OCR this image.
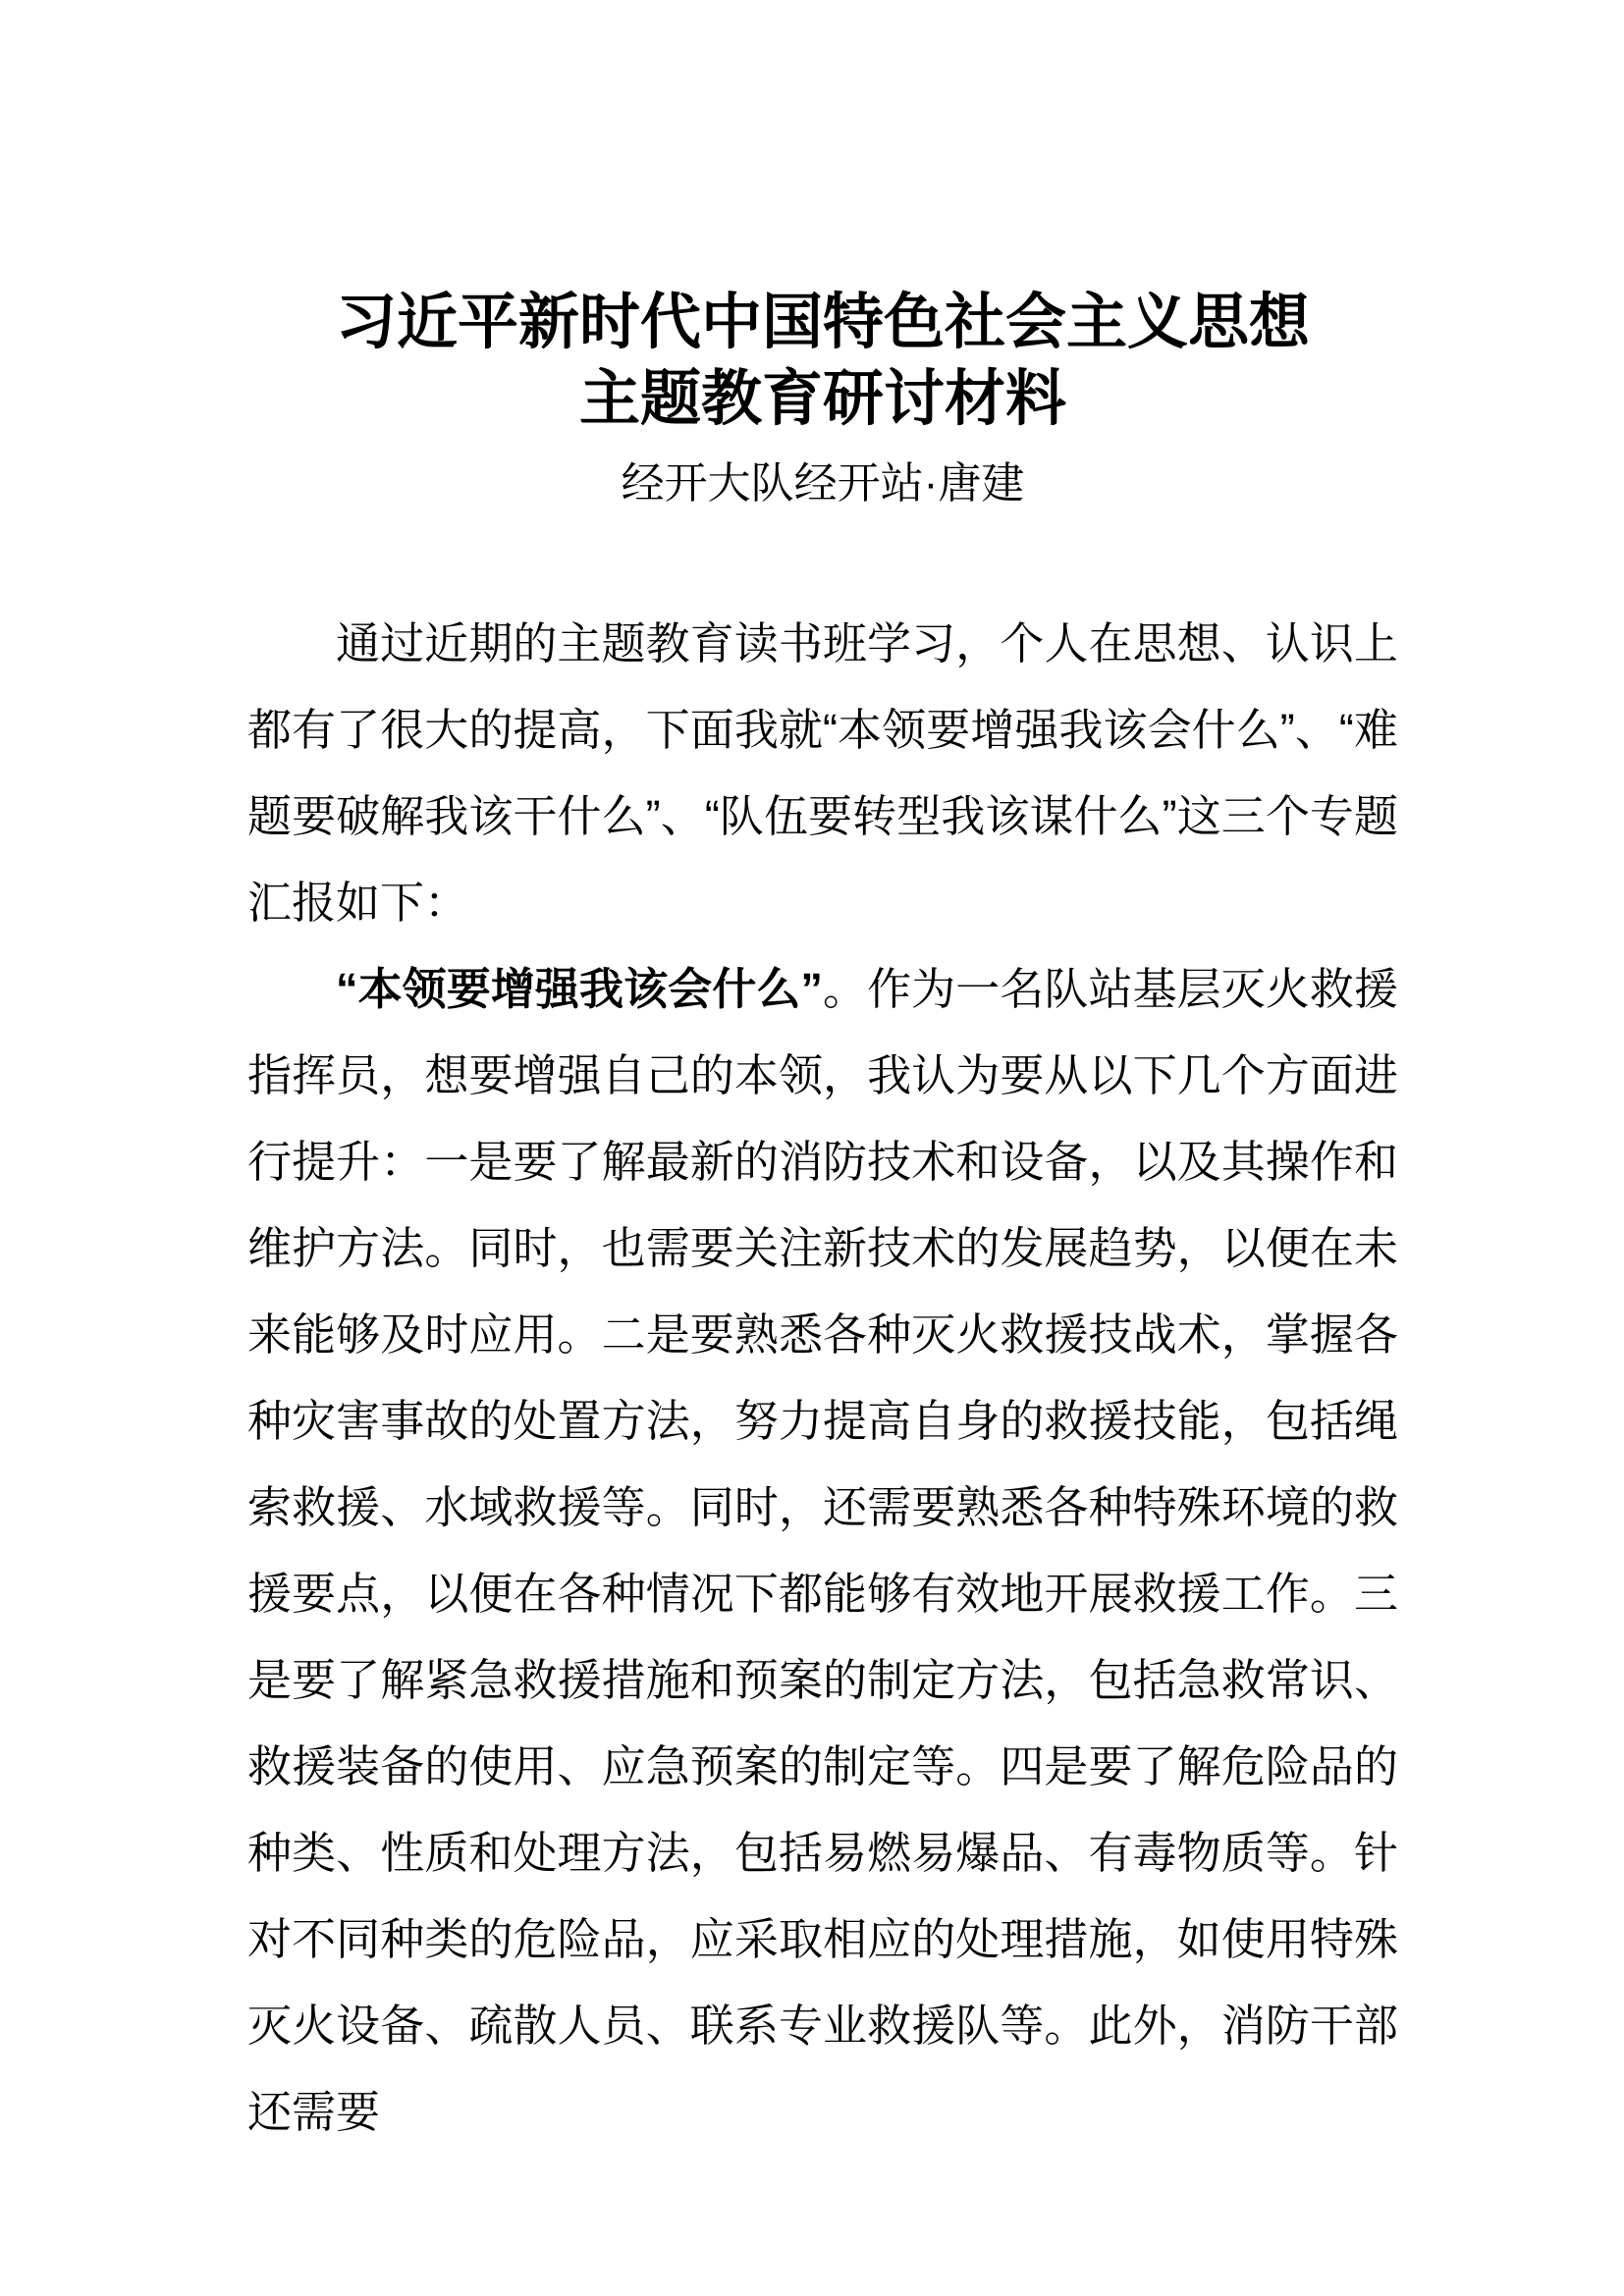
习近平新时代中国特色社会主义思想
主题教育研讨材料
经开大队经开站·唐建

通过近期的主题教育读书班学习，个人在思想、认识上都有了很大的提高，下面我就“本领要增强我该会什么”、“难题要破解我该干什么”、“队伍要转型我该谋什么”这三个专题汇报如下：

“本领要增强我该会什么”。作为一名队站基层灭火救援指挥员，想要增强自己的本领，我认为要从以下几个方面进行提升：一是要了解最新的消防技术和设备，以及其操作和维护方法。同时，也需要关注新技术的发展趋势，以便在未来能够及时应用。二是要熟悉各种灭火救援技战术，掌握各种灾害事故的处置方法，努力提高自身的救援技能，包括绳索救援、水域救援等。同时，还需要熟悉各种特殊环境的救援要点，以便在各种情况下都能够有效地开展救援工作。三是要了解紧急救援措施和预案的制定方法，包括急救常识、救援装备的使用、应急预案的制定等。四是要了解危险品的种类、性质和处理方法，包括易燃易爆品、有毒物质等。针对不同种类的危险品，应采取相应的处理措施，如使用特殊灭火设备、疏散人员、联系专业救援队等。此外，消防干部还需要
